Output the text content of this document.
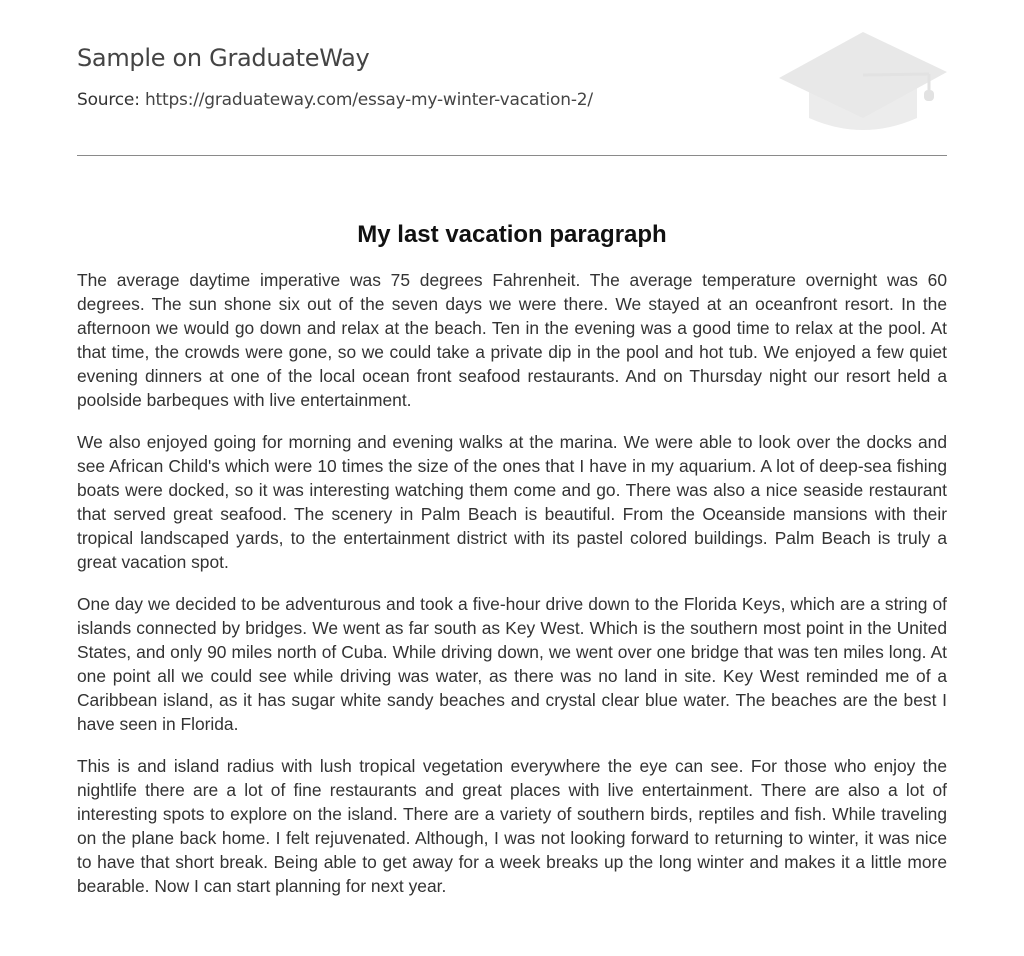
Sample on GraduateWay
Source: https://graduateway.com/essay-my-winter-vacation-2/
My last vacation paragraph

The average daytime imperative was 75 degrees Fahrenheit. The average temperature overnight was 60 degrees. The sun shone six out of the seven days we were there. We stayed at an oceanfront resort. In the afternoon we would go down and relax at the beach. Ten in the evening was a good time to relax at the pool. At that time, the crowds were gone, so we could take a private dip in the pool and hot tub. We enjoyed a few quiet evening dinners at one of the local ocean front seafood restaurants. And on Thursday night our resort held a poolside barbeques with live entertainment.

We also enjoyed going for morning and evening walks at the marina. We were able to look over the docks and see African Child's which were 10 times the size of the ones that I have in my aquarium. A lot of deep-sea fishing boats were docked, so it was interesting watching them come and go. There was also a nice seaside restaurant that served great seafood. The scenery in Palm Beach is beautiful. From the Oceanside mansions with their tropical landscaped yards, to the entertainment district with its pastel colored buildings. Palm Beach is truly a great vacation spot.

One day we decided to be adventurous and took a five-hour drive down to the Florida Keys, which are a string of islands connected by bridges. We went as far south as Key West. Which is the southern most point in the United States, and only 90 miles north of Cuba. While driving down, we went over one bridge that was ten miles long. At one point all we could see while driving was water, as there was no land in site. Key West reminded me of a Caribbean island, as it has sugar white sandy beaches and crystal clear blue water. The beaches are the best I have seen in Florida.

This is and island radius with lush tropical vegetation everywhere the eye can see. For those who enjoy the nightlife there are a lot of fine restaurants and great places with live entertainment. There are also a lot of interesting spots to explore on the island. There are a variety of southern birds, reptiles and fish. While traveling on the plane back home. I felt rejuvenated. Although, I was not looking forward to returning to winter, it was nice to have that short break. Being able to get away for a week breaks up the long winter and makes it a little more bearable. Now I can start planning for next year.
